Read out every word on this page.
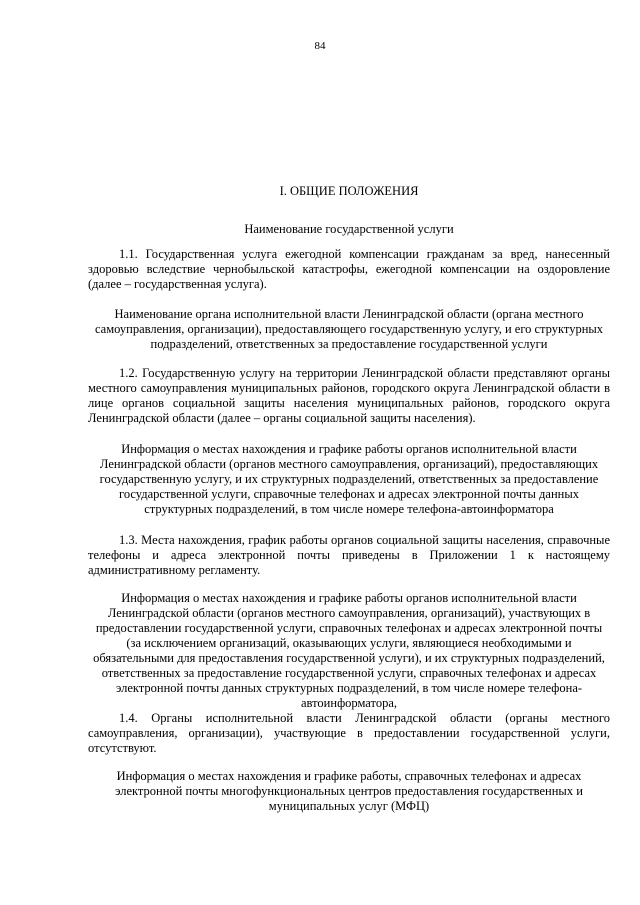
84
I. ОБЩИЕ ПОЛОЖЕНИЯ
Наименование государственной услуги
1.1. Государственная услуга ежегодной компенсации гражданам за вред, нанесенный здоровью вследствие чернобыльской катастрофы, ежегодной компенсации на оздоровление (далее – государственная услуга).
Наименование органа исполнительной власти Ленинградской области (органа местного самоуправления, организации), предоставляющего государственную услугу, и его структурных подразделений, ответственных за предоставление государственной услуги
1.2. Государственную услугу на территории Ленинградской области представляют органы местного самоуправления муниципальных районов, городского округа Ленинградской области в лице органов социальной защиты населения муниципальных районов, городского округа Ленинградской области (далее – органы социальной защиты населения).
Информация о местах нахождения и графике работы органов исполнительной власти Ленинградской области (органов местного самоуправления, организаций), предоставляющих государственную услугу, и их структурных подразделений, ответственных за предоставление государственной услуги, справочные телефонах и адресах электронной почты данных структурных подразделений, в том числе номере телефона-автоинформатора
1.3. Места нахождения, график работы органов социальной защиты населения, справочные телефоны и адреса электронной почты приведены в Приложении 1 к настоящему административному регламенту.
Информация о местах нахождения и графике работы органов исполнительной власти Ленинградской области (органов местного самоуправления, организаций), участвующих в предоставлении государственной услуги, справочных телефонах и адресах электронной почты (за исключением организаций, оказывающих услуги, являющиеся необходимыми и обязательными для предоставления государственной услуги), и их структурных подразделений, ответственных за предоставление государственной услуги, справочных телефонах и адресах электронной почты данных структурных подразделений, в том числе номере телефона-автоинформатора,
1.4. Органы исполнительной власти Ленинградской области (органы местного самоуправления, организации), участвующие в предоставлении государственной услуги, отсутствуют.
Информация о местах нахождения и графике работы, справочных телефонах и адресах электронной почты многофункциональных центров предоставления государственных и муниципальных услуг (МФЦ)
